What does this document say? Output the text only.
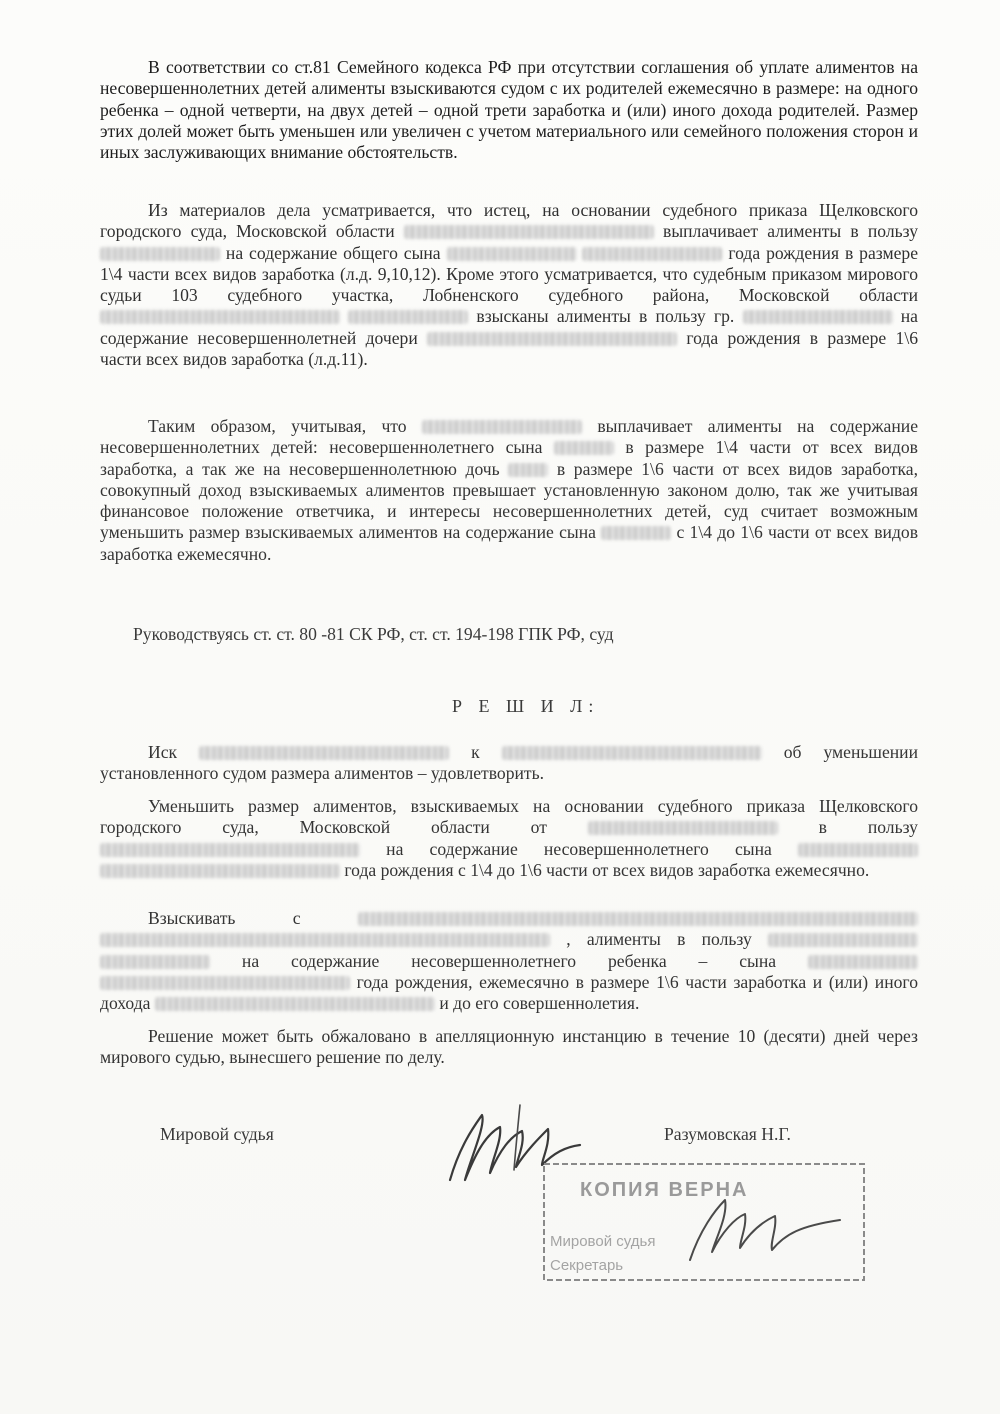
В соответствии со ст.81 Семейного кодекса РФ при отсутствии соглашения об уплате алиментов на несовершеннолетних детей алименты взыскиваются судом с их родителей ежемесячно в размере: на одного ребенка – одной четверти, на двух детей – одной трети заработка и (или) иного дохода родителей. Размер этих долей может быть уменьшен или увеличен с учетом материального или семейного положения сторон и иных заслуживающих внимание обстоятельств.

Из материалов дела усматривается, что истец, на основании судебного приказа Щелковского городского суда, Московской области	выплачивает алименты в пользу  на содержание общего сына	года рождения в размере 1\4 части всех видов заработка (л.д. 9,10,12). Кроме этого усматривается, что судебным приказом мирового судьи 103 судебного участка, Лобненского судебного района, Московской области   взысканы алименты в пользу гр.	на содержание несовершеннолетней дочери	года рождения в размере 1\6 части всех видов заработка (л.д.11).

Таким образом, учитывая, что	выплачивает алименты на содержание несовершеннолетних детей: несовершеннолетнего сына	в размере 1\4 части от всех видов заработка, а так же на несовершеннолетнюю дочь	в размере 1\6 части от всех видов заработка, совокупный доход взыскиваемых алиментов превышает установленную законом долю, так же учитывая финансовое положение ответчика, и интересы несовершеннолетних детей, суд считает возможным уменьшить размер взыскиваемых алиментов на содержание сына	с 1\4 до 1\6 части от всех видов заработка ежемесячно.

Руководствуясь ст. ст. 80 -81 СК РФ, ст. ст. 194-198 ГПК РФ, суд

Р Е Ш И Л:

Иск	к	об уменьшении установленного судом размера алиментов – удовлетворить.

Уменьшить размер алиментов, взыскиваемых на основании судебного приказа Щелковского городского суда, Московской области от	в пользу  на содержание несовершеннолетнего сына   года рождения с 1\4 до 1\6 части от всех видов заработка ежемесячно.

Взыскивать с   , алименты в пользу   на содержание несовершеннолетнего ребенка – сына   года рождения, ежемесячно в размере 1\6 части заработка и (или) иного дохода	и до его совершеннолетия.

Решение может быть обжаловано в апелляционную инстанцию в течение 10 (десяти) дней через мирового судью, вынесшего решение по делу.

Мировой судья	Разумовская Н.Г.

КОПИЯ ВЕРНА
Мировой судья
Секретарь
